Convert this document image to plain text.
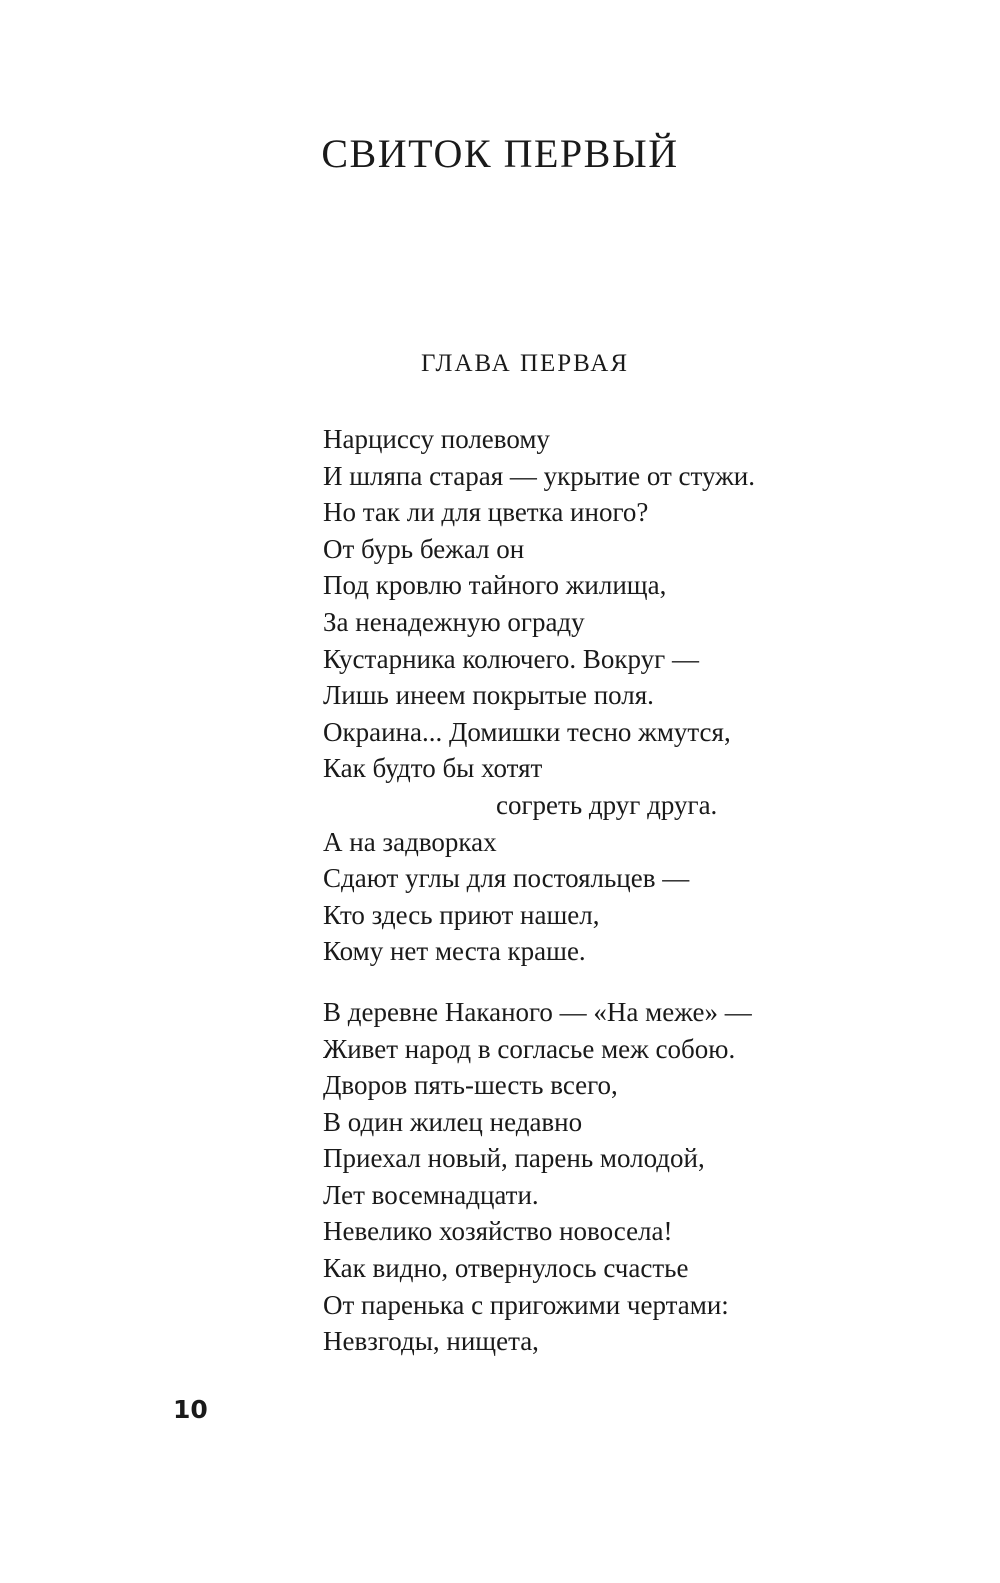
СВИТОК ПЕРВЫЙ
ГЛАВА ПЕРВАЯ

Нарциссу полевому
И шляпа старая — укрытие от стужи.
Но так ли для цветка иного?
От бурь бежал он
Под кровлю тайного жилища,
За ненадежную ограду
Кустарника колючего. Вокруг —
Лишь инеем покрытые поля.
Окраина... Домишки тесно жмутся,
Как будто бы хотят
согреть друг друга.
А на задворках
Сдают углы для постояльцев —
Кто здесь приют нашел,
Кому нет места краше.

В деревне Наканого — «На меже» —
Живет народ в согласье меж собою.
Дворов пять-шесть всего,
В один жилец недавно
Приехал новый, парень молодой,
Лет восемнадцати.
Невелико хозяйство новосела!
Как видно, отвернулось счастье
От паренька с пригожими чертами:
Невзгоды, нищета,

10
